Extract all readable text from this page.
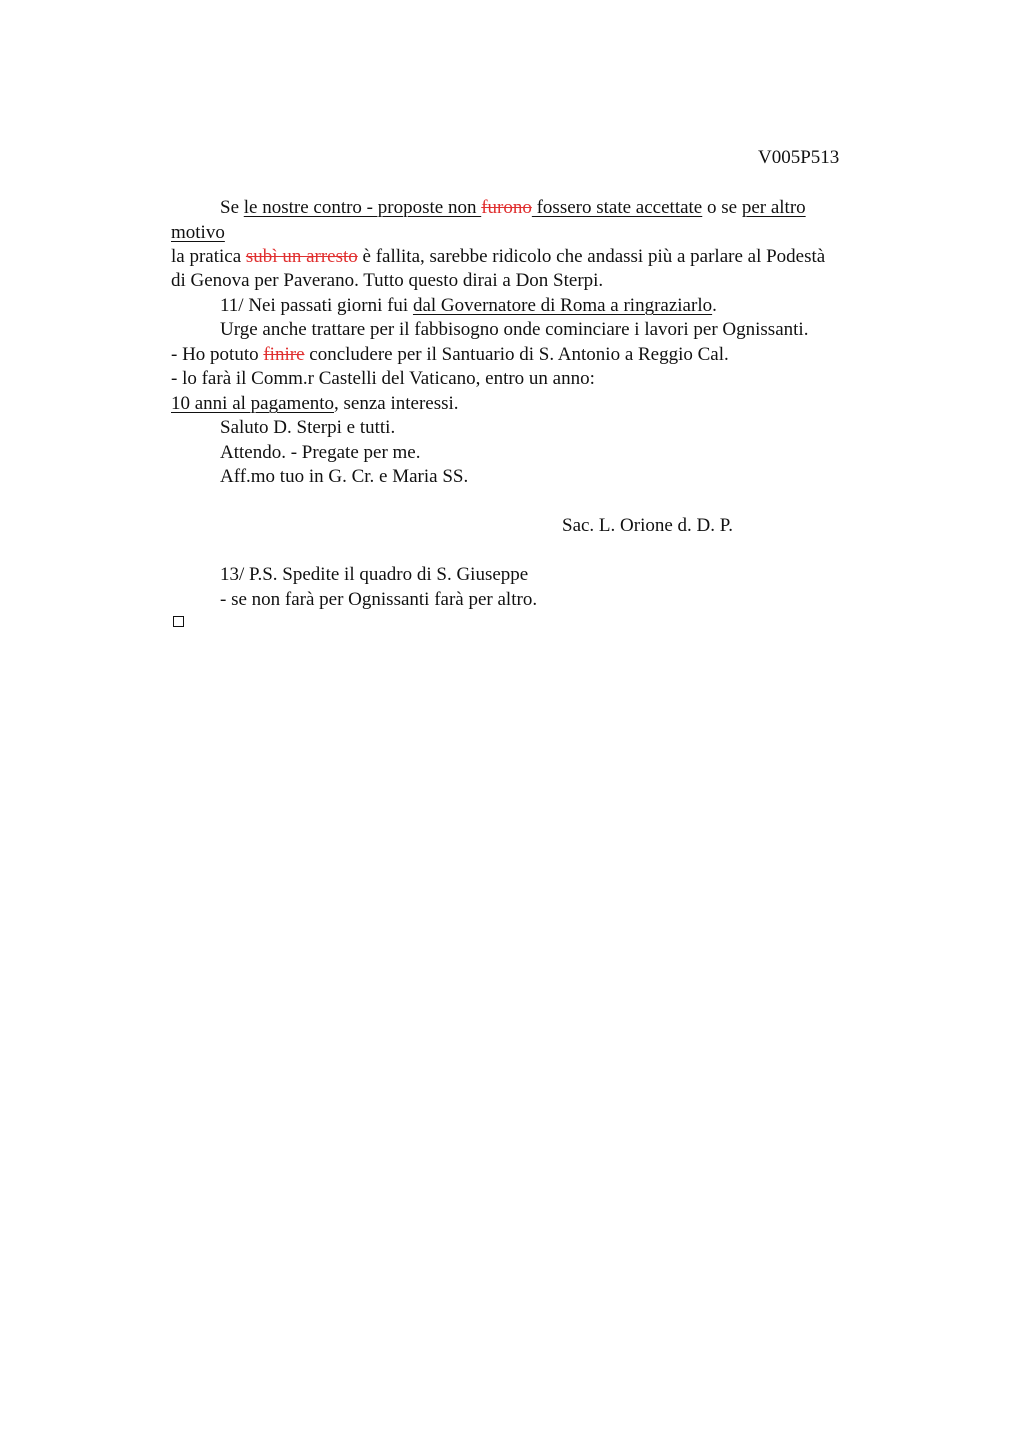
V005P513
Se le nostre contro - proposte non furono fossero state accettate o se per altro
motivo
la pratica subì un arresto è fallita, sarebbe ridicolo che andassi più a parlare al Podestà
di Genova per Paverano. Tutto questo dirai a Don Sterpi.
11/ Nei passati giorni fui dal Governatore di Roma a ringraziarlo.
Urge anche trattare per il fabbisogno onde cominciare i lavori per Ognissanti.
- Ho potuto finire concludere per il Santuario di S. Antonio a Reggio Cal.
- lo farà il Comm.r Castelli del Vaticano, entro un anno:
10 anni al pagamento, senza interessi.
Saluto D. Sterpi e tutti.
Attendo. - Pregate per me.
Aff.mo tuo in G. Cr. e Maria SS.
Sac. L. Orione d. D. P.
13/ P.S. Spedite il quadro di S. Giuseppe
- se non farà per Ognissanti farà per altro.
